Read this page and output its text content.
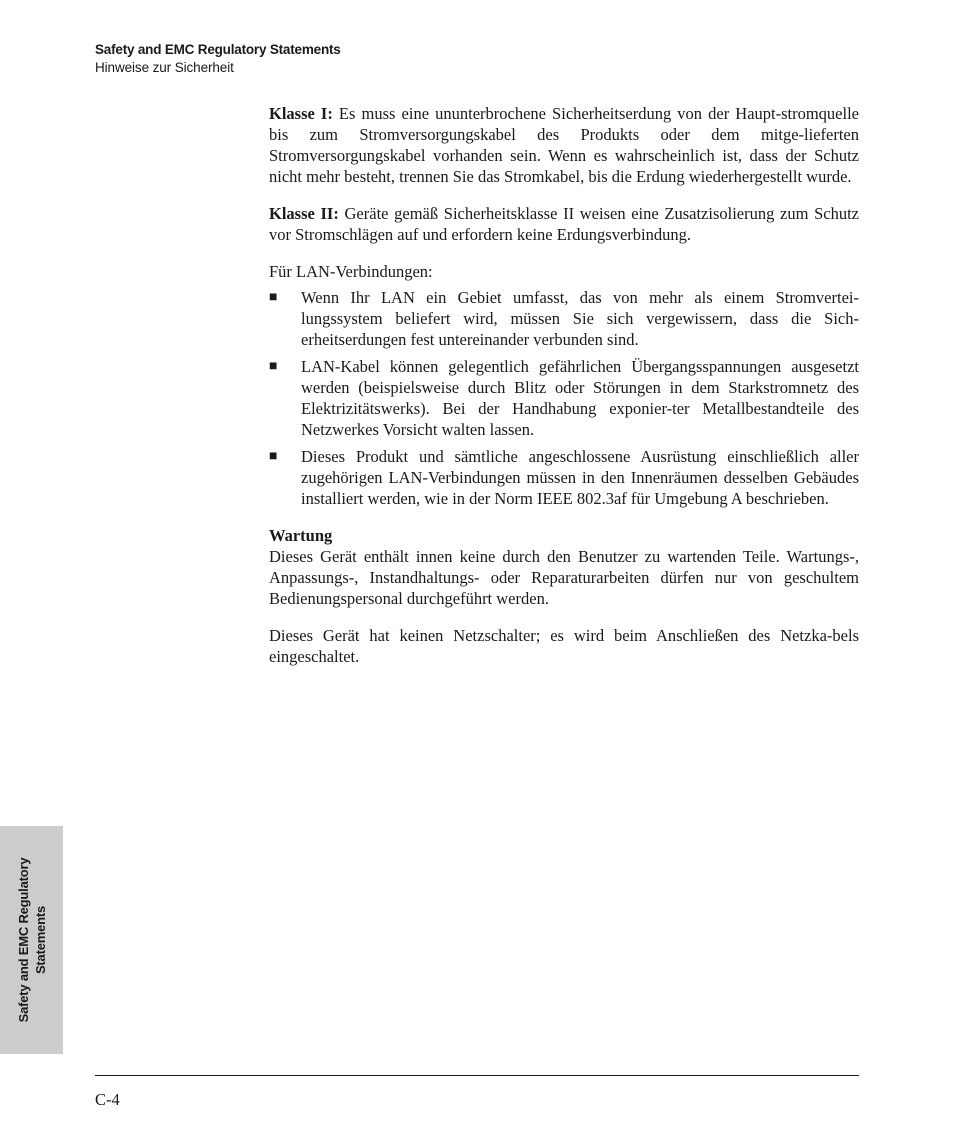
Safety and EMC Regulatory Statements
Hinweise zur Sicherheit

Klasse I: Es muss eine ununterbrochene Sicherheitserdung von der Haupt-stromquelle bis zum Stromversorgungskabel des Produkts oder dem mitge-lieferten Stromversorgungskabel vorhanden sein. Wenn es wahrscheinlich ist, dass der Schutz nicht mehr besteht, trennen Sie das Stromkabel, bis die Erdung wiederhergestellt wurde.

Klasse II: Geräte gemäß Sicherheitsklasse II weisen eine Zusatzisolierung zum Schutz vor Stromschlägen auf und erfordern keine Erdungsverbindung.

Für LAN-Verbindungen:

■ Wenn Ihr LAN ein Gebiet umfasst, das von mehr als einem Stromvertei-lungssystem beliefert wird, müssen Sie sich vergewissern, dass die Sich-erheitserdungen fest untereinander verbunden sind.
■ LAN-Kabel können gelegentlich gefährlichen Übergangsspannungen ausgesetzt werden (beispielsweise durch Blitz oder Störungen in dem Starkstromnetz des Elektrizitätswerks). Bei der Handhabung exponier-ter Metallbestandteile des Netzwerkes Vorsicht walten lassen.
■ Dieses Produkt und sämtliche angeschlossene Ausrüstung einschließlich aller zugehörigen LAN-Verbindungen müssen in den Innenräumen desselben Gebäudes installiert werden, wie in der Norm IEEE 802.3af für Umgebung A beschrieben.

Wartung
Dieses Gerät enthält innen keine durch den Benutzer zu wartenden Teile. Wartungs-, Anpassungs-, Instandhaltungs- oder Reparaturarbeiten dürfen nur von geschultem Bedienungspersonal durchgeführt werden.

Dieses Gerät hat keinen Netzschalter; es wird beim Anschließen des Netzka-bels eingeschaltet.

Safety and EMC Regulatory Statements
C-4
